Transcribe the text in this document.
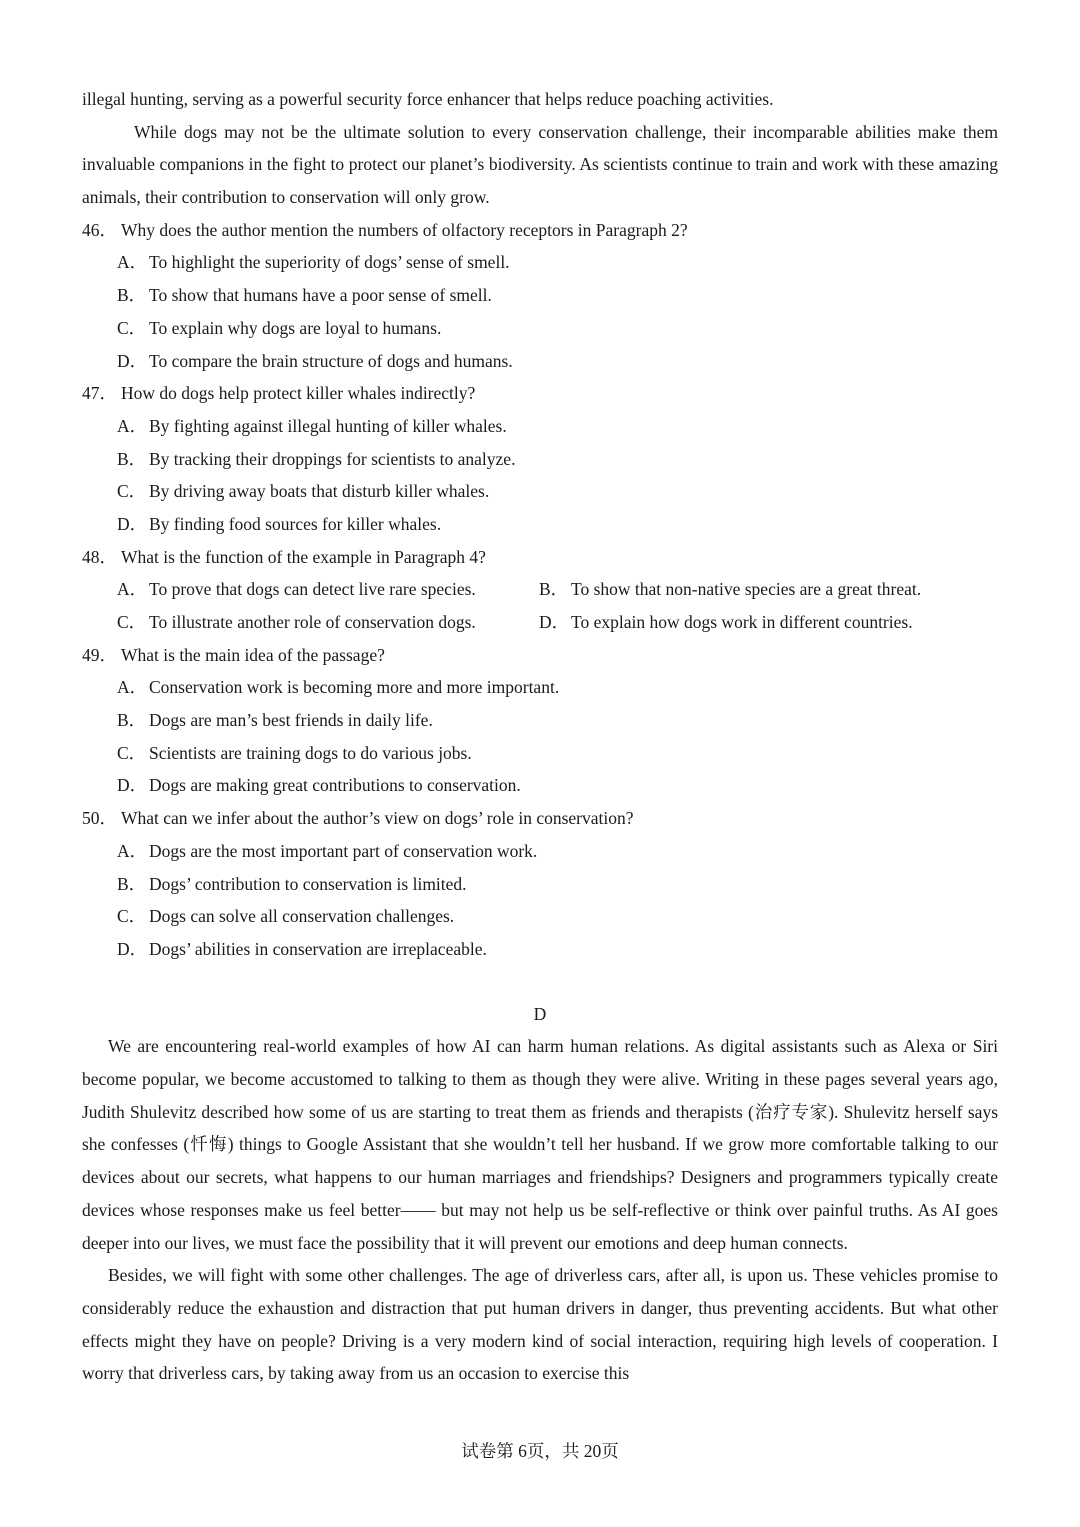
illegal hunting, serving as a powerful security force enhancer that helps reduce poaching activities.

While dogs may not be the ultimate solution to every conservation challenge, their incomparable abilities make them invaluable companions in the fight to protect our planet’s biodiversity. As scientists continue to train and work with these amazing animals, their contribution to conservation will only grow.

46． Why does the author mention the numbers of olfactory receptors in Paragraph 2?
A． To highlight the superiority of dogs’ sense of smell.
B． To show that humans have a poor sense of smell.
C． To explain why dogs are loyal to humans.
D． To compare the brain structure of dogs and humans.
47． How do dogs help protect killer whales indirectly?
A． By fighting against illegal hunting of killer whales.
B． By tracking their droppings for scientists to analyze.
C． By driving away boats that disturb killer whales.
D． By finding food sources for killer whales.
48． What is the function of the example in Paragraph 4?
A． To prove that dogs can detect live rare species.	B． To show that non-native species are a great threat.
C． To illustrate another role of conservation dogs.	D． To explain how dogs work in different countries.
49． What is the main idea of the passage?
A． Conservation work is becoming more and more important.
B． Dogs are man’s best friends in daily life.
C． Scientists are training dogs to do various jobs.
D． Dogs are making great contributions to conservation.
50． What can we infer about the author’s view on dogs’ role in conservation?
A． Dogs are the most important part of conservation work.
B． Dogs’ contribution to conservation is limited.
C． Dogs can solve all conservation challenges.
D． Dogs’ abilities in conservation are irreplaceable.
D

We are encountering real-world examples of how AI can harm human relations. As digital assistants such as Alexa or Siri become popular, we become accustomed to talking to them as though they were alive. Writing in these pages several years ago, Judith Shulevitz described how some of us are starting to treat them as friends and therapists (治疗专家). Shulevitz herself says she confesses (忏悔) things to Google Assistant that she wouldn’t tell her husband. If we grow more comfortable talking to our devices about our secrets, what happens to our human marriages and friendships? Designers and programmers typically create devices whose responses make us feel better—— but may not help us be self-reflective or think over painful truths. As AI goes deeper into our lives, we must face the possibility that it will prevent our emotions and deep human connects.

Besides, we will fight with some other challenges. The age of driverless cars, after all, is upon us. These vehicles promise to considerably reduce the exhaustion and distraction that put human drivers in danger, thus preventing accidents. But what other effects might they have on people? Driving is a very modern kind of social interaction, requiring high levels of cooperation. I worry that driverless cars, by taking away from us an occasion to exercise this

试卷第 6页，共 20页
